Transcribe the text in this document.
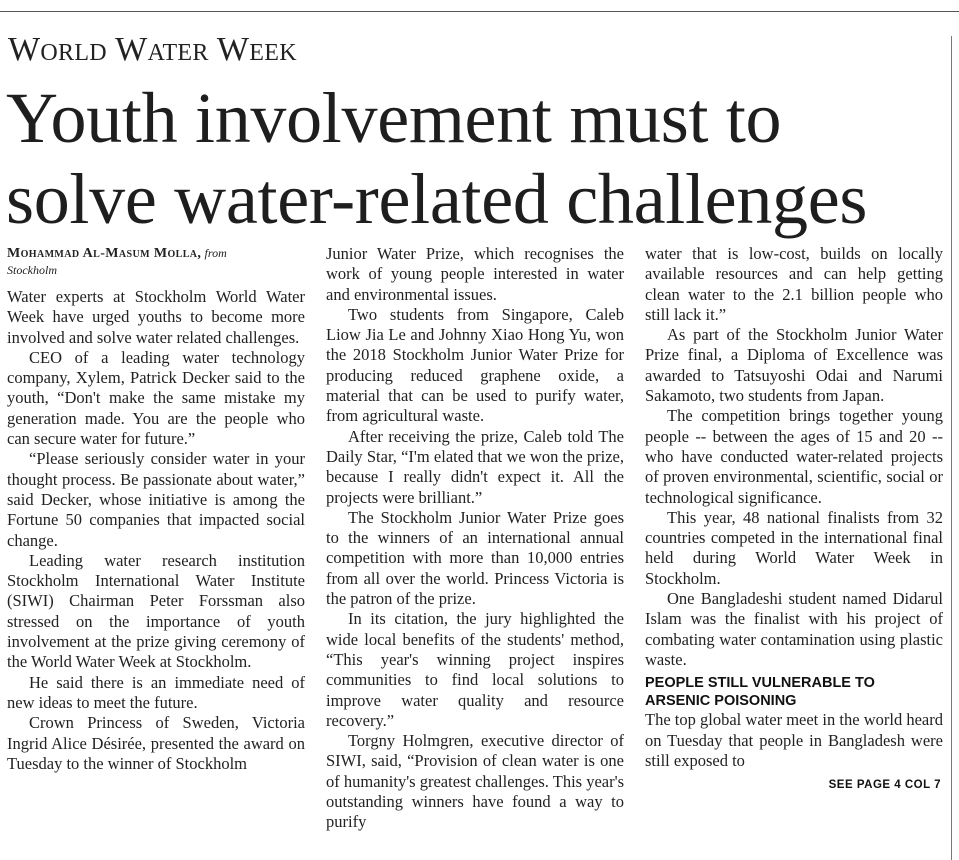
World Water Week
Youth involvement must to
solve water-related challenges
Mohammad Al-Masum Molla, from
Stockholm

Water experts at Stockholm World Water Week have urged youths to become more involved and solve water related challenges.

CEO of a leading water technology company, Xylem, Patrick Decker said to the youth, “Don't make the same mistake my generation made. You are the people who can secure water for future.”

“Please seriously consider water in your thought process. Be passionate about water,” said Decker, whose initiative is among the Fortune 50 companies that impacted social change.

Leading water research institution Stockholm International Water Institute (SIWI) Chairman Peter Forssman also stressed on the importance of youth involvement at the prize giving ceremony of the World Water Week at Stockholm.

He said there is an immediate need of new ideas to meet the future.

Crown Princess of Sweden, Victoria Ingrid Alice Désirée, presented the award on Tuesday to the winner of Stockholm

Junior Water Prize, which recognises the work of young people interested in water and environmental issues.

Two students from Singapore, Caleb Liow Jia Le and Johnny Xiao Hong Yu, won the 2018 Stockholm Junior Water Prize for producing reduced graphene oxide, a material that can be used to purify water, from agricultural waste.

After receiving the prize, Caleb told The Daily Star, “I'm elated that we won the prize, because I really didn't expect it. All the projects were brilliant.”

The Stockholm Junior Water Prize goes to the winners of an international annual competition with more than 10,000 entries from all over the world. Princess Victoria is the patron of the prize.

In its citation, the jury highlighted the wide local benefits of the students' method, “This year's winning project inspires communities to find local solutions to improve water quality and resource recovery.”

Torgny Holmgren, executive director of SIWI, said, “Provision of clean water is one of humanity's greatest challenges. This year's outstanding winners have found a way to purify

water that is low-cost, builds on locally available resources and can help getting clean water to the 2.1 billion people who still lack it.”

As part of the Stockholm Junior Water Prize final, a Diploma of Excellence was awarded to Tatsuyoshi Odai and Narumi Sakamoto, two students from Japan.

The competition brings together young people -- between the ages of 15 and 20 -- who have conducted water-related projects of proven environmental, scientific, social or technological significance.

This year, 48 national finalists from 32 countries competed in the international final held during World Water Week in Stockholm.

One Bangladeshi student named Didarul Islam was the finalist with his project of combating water contamination using plastic waste.

PEOPLE STILL VULNERABLE TO ARSENIC POISONING

The top global water meet in the world heard on Tuesday that people in Bangladesh were still exposed to

SEE PAGE 4 COL 7
